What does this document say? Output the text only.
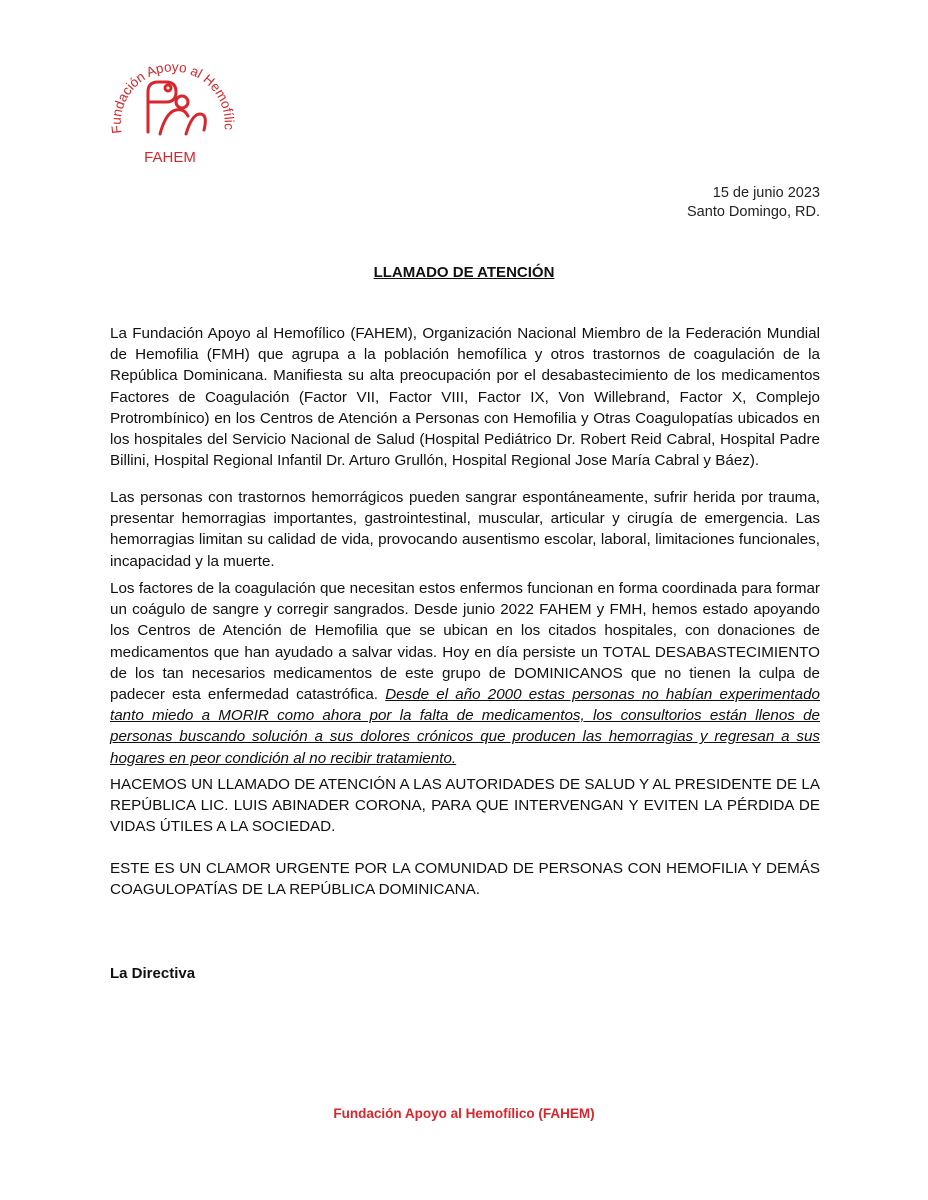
Fundación Apoyo al Hemofílic
FAHEM
15 de junio 2023
Santo Domingo, RD.
LLAMADO DE ATENCIÓN
La Fundación Apoyo al Hemofílico (FAHEM), Organización Nacional Miembro de la Federación Mundial de Hemofilia (FMH) que agrupa a la población hemofílica y otros trastornos de coagulación de la República Dominicana. Manifiesta su alta preocupación por el desabastecimiento de los medicamentos Factores de Coagulación (Factor VII, Factor VIII, Factor IX, Von Willebrand, Factor X, Complejo Protrombínico) en los Centros de Atención a Personas con Hemofilia y Otras Coagulopatías ubicados en los hospitales del Servicio Nacional de Salud (Hospital Pediátrico Dr. Robert Reid Cabral, Hospital Padre Billini, Hospital Regional Infantil Dr. Arturo Grullón, Hospital Regional Jose María Cabral y Báez).
Las personas con trastornos hemorrágicos pueden sangrar espontáneamente, sufrir herida por trauma, presentar hemorragias importantes, gastrointestinal, muscular, articular y cirugía de emergencia. Las hemorragias limitan su calidad de vida, provocando ausentismo escolar, laboral, limitaciones funcionales, incapacidad y la muerte.
Los factores de la coagulación que necesitan estos enfermos funcionan en forma coordinada para formar un coágulo de sangre y corregir sangrados. Desde junio 2022 FAHEM y FMH, hemos estado apoyando los Centros de Atención de Hemofilia que se ubican en los citados hospitales, con donaciones de medicamentos que han ayudado a salvar vidas. Hoy en día persiste un TOTAL DESABASTECIMIENTO de los tan necesarios medicamentos de este grupo de DOMINICANOS que no tienen la culpa de padecer esta enfermedad catastrófica. Desde el año 2000 estas personas no habían experimentado tanto miedo a MORIR como ahora por la falta de medicamentos, los consultorios están llenos de personas buscando solución a sus dolores crónicos que producen las hemorragias y regresan a sus hogares en peor condición al no recibir tratamiento.
HACEMOS UN LLAMADO DE ATENCIÓN A LAS AUTORIDADES DE SALUD Y AL PRESIDENTE DE LA REPÚBLICA LIC. LUIS ABINADER CORONA, PARA QUE INTERVENGAN Y EVITEN LA PÉRDIDA DE VIDAS ÚTILES A LA SOCIEDAD.
ESTE ES UN CLAMOR URGENTE POR LA COMUNIDAD DE PERSONAS CON HEMOFILIA Y DEMÁS COAGULOPATÍAS DE LA REPÚBLICA DOMINICANA.
La Directiva
Fundación Apoyo al Hemofílico (FAHEM)
